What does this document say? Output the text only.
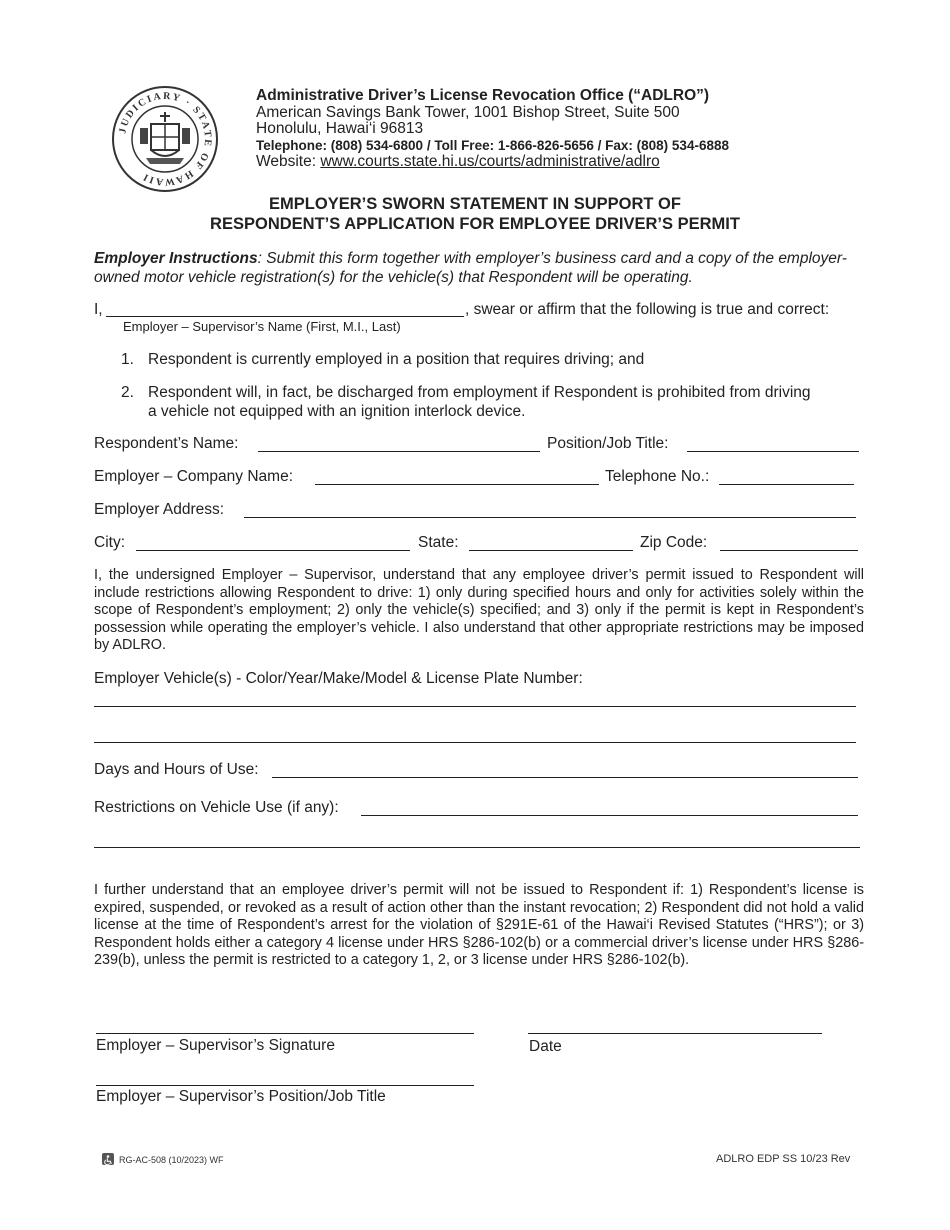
JUDICIARY · STATE OF HAWAII
Administrative Driver’s License Revocation Office (“ADLRO”)
American Savings Bank Tower, 1001 Bishop Street, Suite 500
Honolulu, Hawai‘i 96813
Telephone: (808) 534-6800 / Toll Free: 1-866-826-5656 / Fax: (808) 534-6888
Website: www.courts.state.hi.us/courts/administrative/adlro
EMPLOYER’S SWORN STATEMENT IN SUPPORT OF
RESPONDENT’S APPLICATION FOR EMPLOYEE DRIVER’S PERMIT
Employer Instructions: Submit this form together with employer’s business card and a copy of the employer-owned motor vehicle registration(s) for the vehicle(s) that Respondent will be operating.
I,	, swear or affirm that the following is true and correct:
Employer – Supervisor’s Name (First, M.I., Last)
1. Respondent is currently employed in a position that requires driving; and
2. Respondent will, in fact, be discharged from employment if Respondent is prohibited from driving
a vehicle not equipped with an ignition interlock device.
Respondent’s Name:	Position/Job Title:
Employer – Company Name:	Telephone No.:
Employer Address:
City:	State:	Zip Code:
I, the undersigned Employer – Supervisor, understand that any employee driver’s permit issued to Respondent will include restrictions allowing Respondent to drive: 1) only during specified hours and only for activities solely within the scope of Respondent’s employment; 2) only the vehicle(s) specified; and 3) only if the permit is kept in Respondent’s possession while operating the employer’s vehicle. I also understand that other appropriate restrictions may be imposed by ADLRO.
Employer Vehicle(s) - Color/Year/Make/Model & License Plate Number:
Days and Hours of Use:
Restrictions on Vehicle Use (if any):
I further understand that an employee driver’s permit will not be issued to Respondent if: 1) Respondent’s license is expired, suspended, or revoked as a result of action other than the instant revocation; 2) Respondent did not hold a valid license at the time of Respondent’s arrest for the violation of §291E-61 of the Hawai‘i Revised Statutes (“HRS”); or 3) Respondent holds either a category 4 license under HRS §286-102(b) or a commercial driver’s license under HRS §286-239(b), unless the permit is restricted to a category 1, 2, or 3 license under HRS §286-102(b).
Employer – Supervisor’s Signature	Date
Employer – Supervisor’s Position/Job Title
RG-AC-508 (10/2023) WF	ADLRO EDP SS 10/23 Rev
